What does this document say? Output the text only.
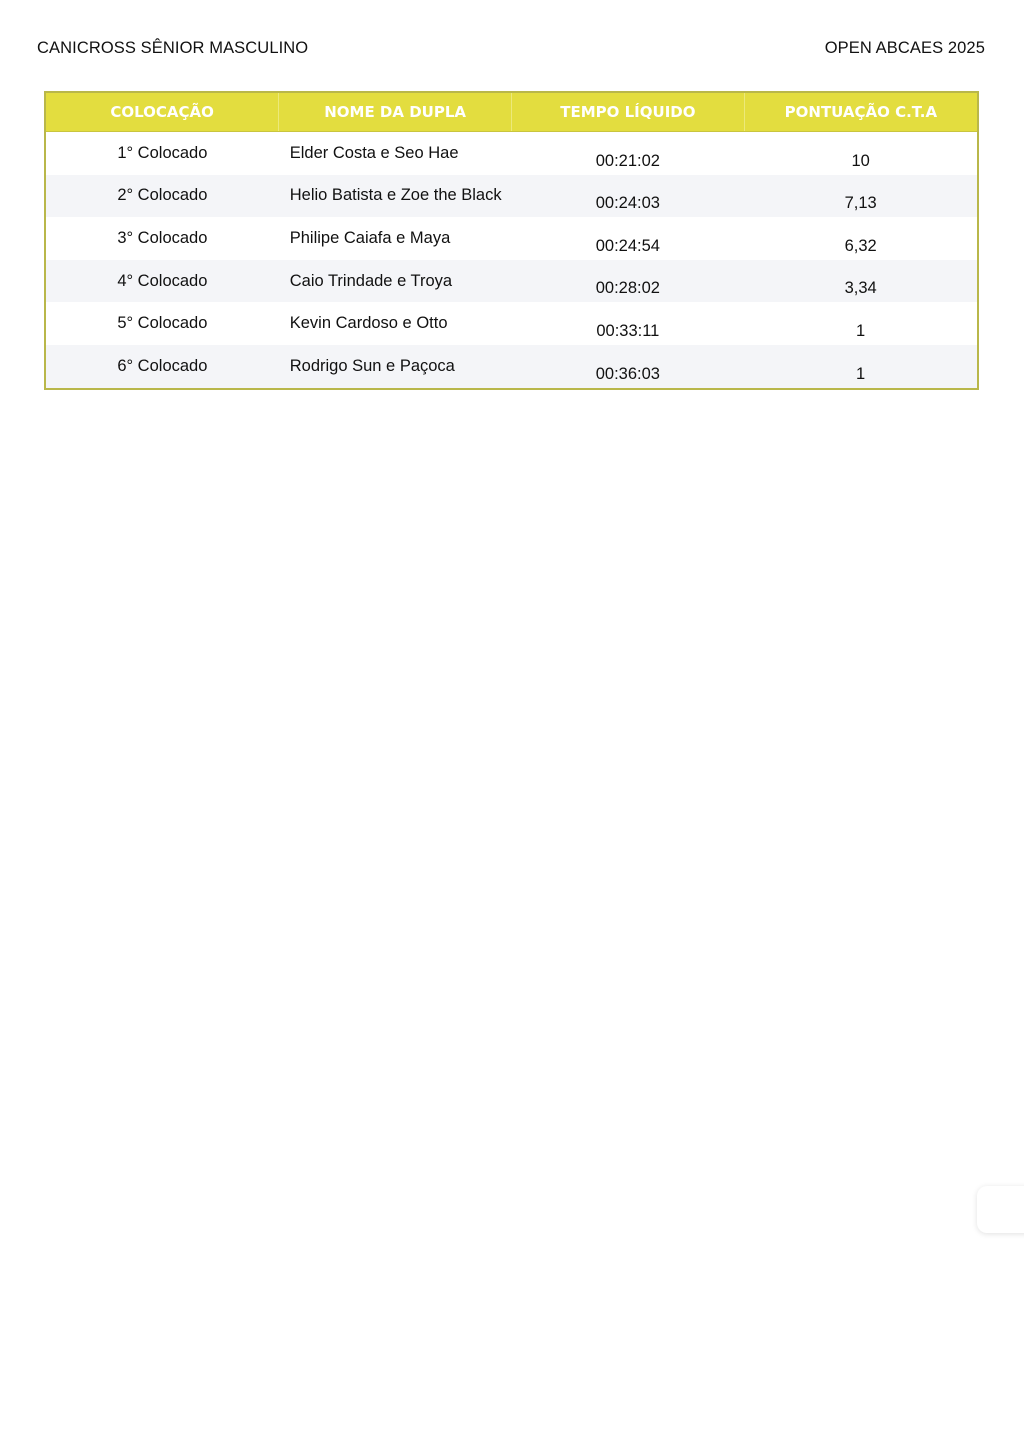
CANICROSS SÊNIOR MASCULINO	OPEN ABCAES 2025
COLOCAÇÃO	NOME DA DUPLA	TEMPO LÍQUIDO	PONTUAÇÃO C.T.A
1° Colocado	Elder Costa e Seo Hae	00:21:02	10
2° Colocado	Helio Batista e Zoe the Black	00:24:03	7,13
3° Colocado	Philipe Caiafa e Maya	00:24:54	6,32
4° Colocado	Caio Trindade e Troya	00:28:02	3,34
5° Colocado	Kevin Cardoso e Otto	00:33:11	1
6° Colocado	Rodrigo Sun e Paçoca	00:36:03	1
